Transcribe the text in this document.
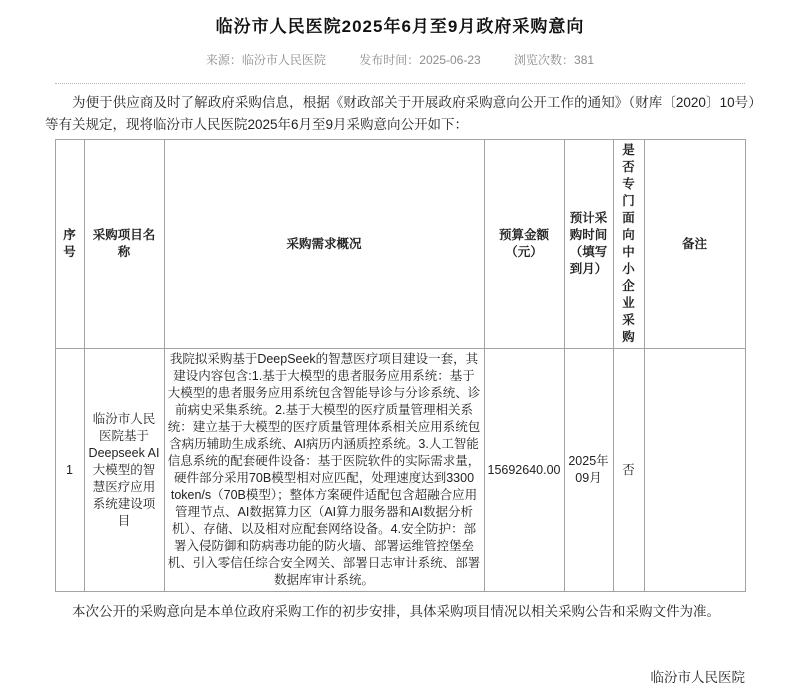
临汾市人民医院2025年6月至9月政府采购意向
来源：临汾市人民医院	发布时间：2025-06-23	浏览次数：381
为便于供应商及时了解政府采购信息，根据《财政部关于开展政府采购意向公开工作的通知》（财库〔2020〕10号）等有关规定，现将临汾市人民医院2025年6月至9月采购意向公开如下：
序号	采购项目名称	采购需求概况	预算金额（元）	预计采购时间（填写到月）	是否专门面向中小企业采购	备注
1	临汾市人民医院基于Deepseek AI大模型的智慧医疗应用系统建设项目	我院拟采购基于DeepSeek的智慧医疗项目建设一套，其建设内容包含:1.基于大模型的患者服务应用系统：基于大模型的患者服务应用系统包含智能导诊与分诊系统、诊前病史采集系统。2.基于大模型的医疗质量管理相关系统：建立基于大模型的医疗质量管理体系相关应用系统包含病历辅助生成系统、AI病历内涵质控系统。3.人工智能信息系统的配套硬件设备：基于医院软件的实际需求量，硬件部分采用70B模型相对应匹配，处理速度达到3300 token/s（70B模型）；整体方案硬件适配包含超融合应用管理节点、AI数据算力区（AI算力服务器和AI数据分析机）、存储、以及相对应配套网络设备。4.安全防护：部署入侵防御和防病毒功能的防火墙、部署运维管控堡垒机、引入零信任综合安全网关、部署日志审计系统、部署数据库审计系统。	15692640.00	2025年09月	否	
本次公开的采购意向是本单位政府采购工作的初步安排，具体采购项目情况以相关采购公告和采购文件为准。
临汾市人民医院
